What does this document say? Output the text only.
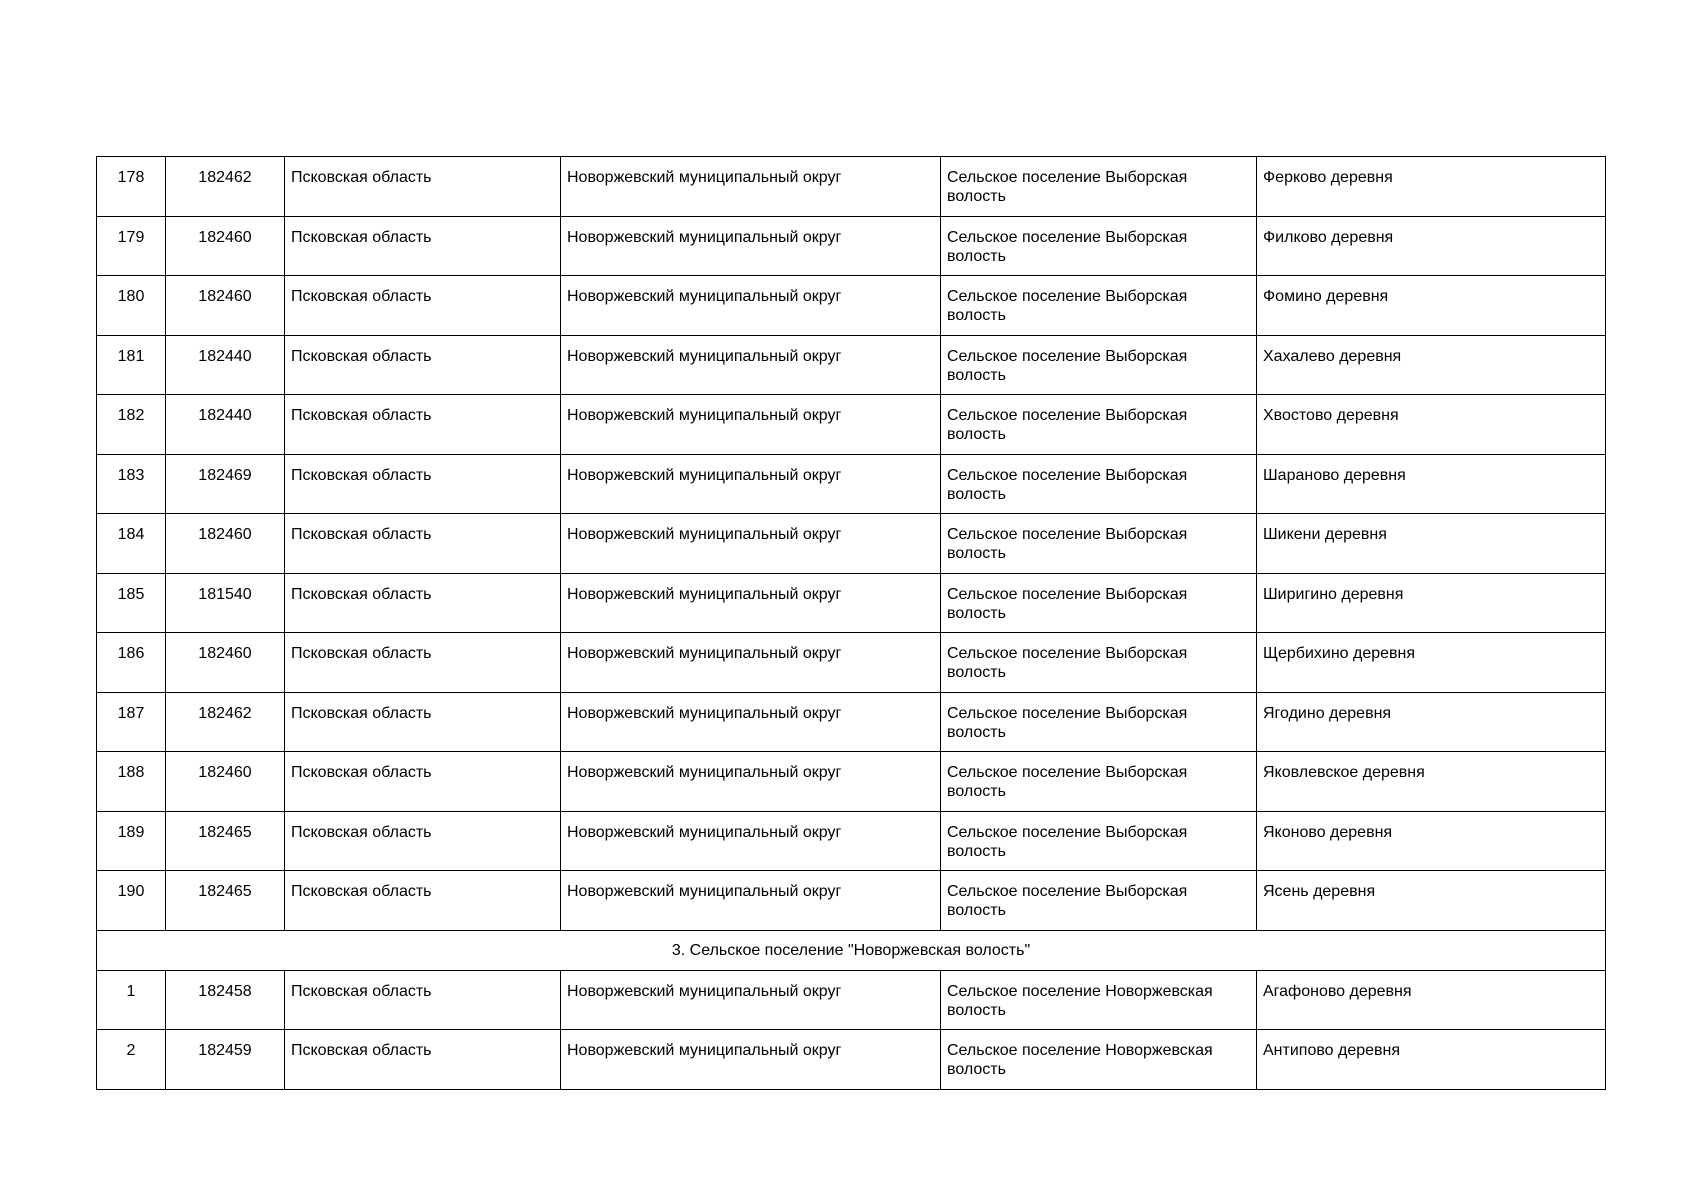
178	182462	Псковская область	Новоржевский муниципальный округ	Сельское поселение Выборская волость	Ферково деревня
179	182460	Псковская область	Новоржевский муниципальный округ	Сельское поселение Выборская волость	Филково деревня
180	182460	Псковская область	Новоржевский муниципальный округ	Сельское поселение Выборская волость	Фомино деревня
181	182440	Псковская область	Новоржевский муниципальный округ	Сельское поселение Выборская волость	Хахалево деревня
182	182440	Псковская область	Новоржевский муниципальный округ	Сельское поселение Выборская волость	Хвостово деревня
183	182469	Псковская область	Новоржевский муниципальный округ	Сельское поселение Выборская волость	Шараново деревня
184	182460	Псковская область	Новоржевский муниципальный округ	Сельское поселение Выборская волость	Шикени деревня
185	181540	Псковская область	Новоржевский муниципальный округ	Сельское поселение Выборская волость	Ширигино деревня
186	182460	Псковская область	Новоржевский муниципальный округ	Сельское поселение Выборская волость	Щербихино деревня
187	182462	Псковская область	Новоржевский муниципальный округ	Сельское поселение Выборская волость	Ягодино деревня
188	182460	Псковская область	Новоржевский муниципальный округ	Сельское поселение Выборская волость	Яковлевское деревня
189	182465	Псковская область	Новоржевский муниципальный округ	Сельское поселение Выборская волость	Яконово деревня
190	182465	Псковская область	Новоржевский муниципальный округ	Сельское поселение Выборская волость	Ясень деревня
3. Сельское поселение "Новоржевская волость"					
1	182458	Псковская область	Новоржевский муниципальный округ	Сельское поселение Новоржевская волость	Агафоново деревня
2	182459	Псковская область	Новоржевский муниципальный округ	Сельское поселение Новоржевская волость	Антипово деревня
